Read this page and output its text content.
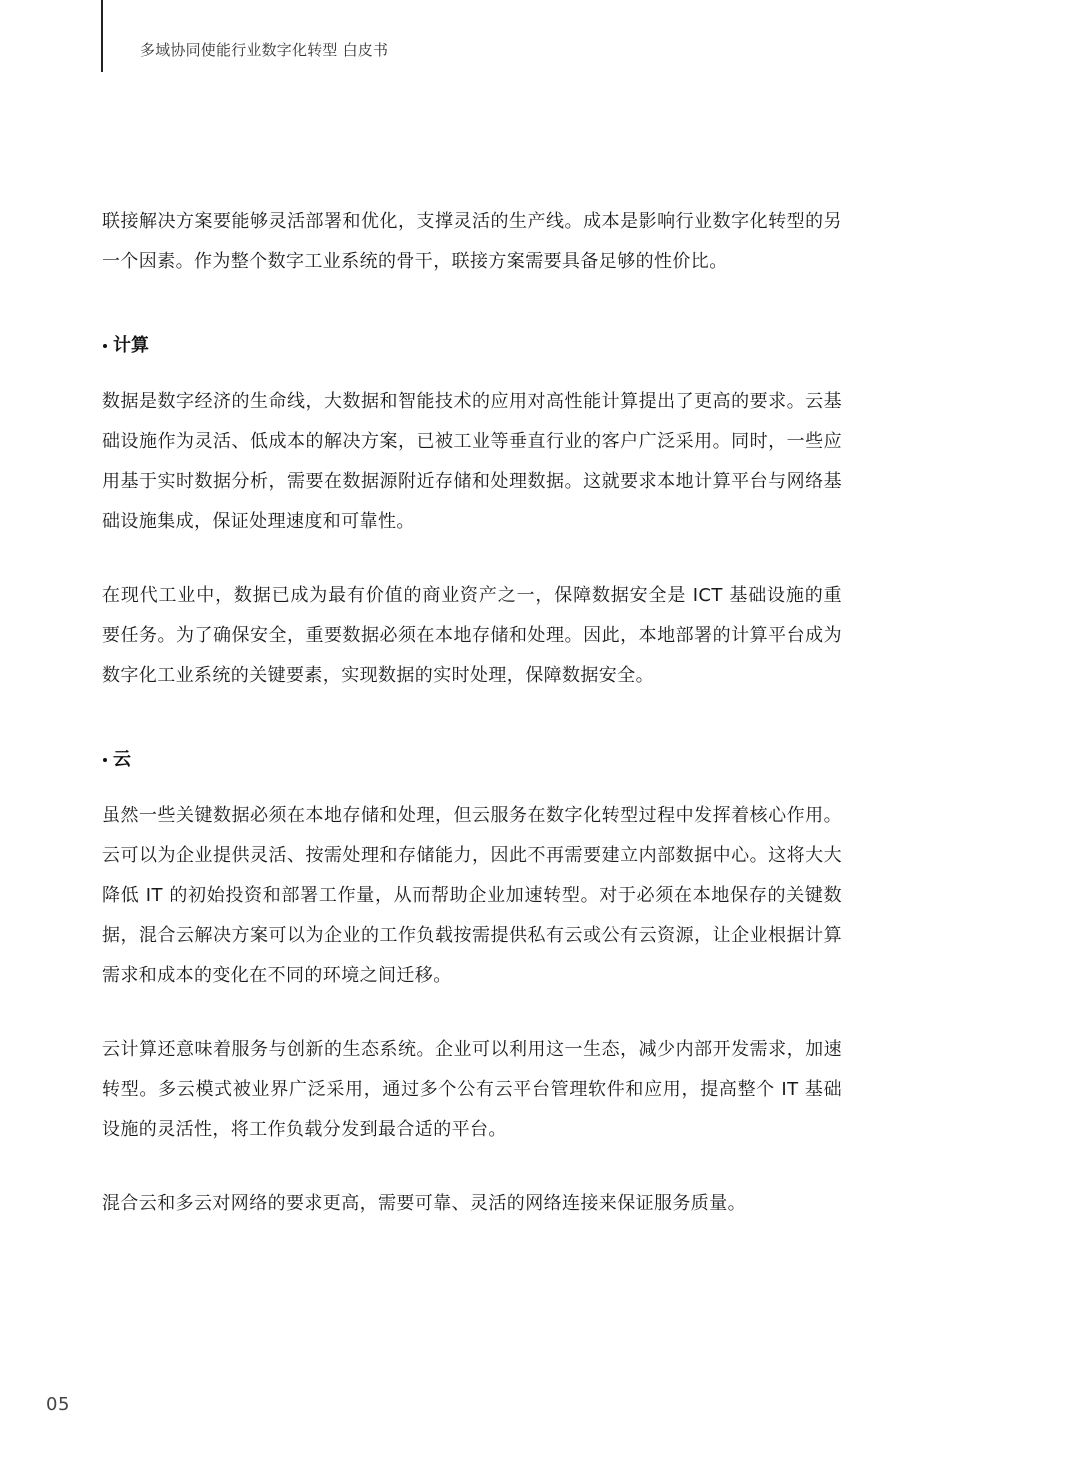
多域协同使能行业数字化转型 白皮书

联接解决方案要能够灵活部署和优化，支撑灵活的生产线。成本是影响行业数字化转型的另一个因素。作为整个数字工业系统的骨干，联接方案需要具备足够的性价比。

计算

数据是数字经济的生命线，大数据和智能技术的应用对高性能计算提出了更高的要求。云基础设施作为灵活、低成本的解决方案，已被工业等垂直行业的客户广泛采用。同时，一些应用基于实时数据分析，需要在数据源附近存储和处理数据。这就要求本地计算平台与网络基础设施集成，保证处理速度和可靠性。

在现代工业中，数据已成为最有价值的商业资产之一，保障数据安全是 ICT 基础设施的重要任务。为了确保安全，重要数据必须在本地存储和处理。因此，本地部署的计算平台成为数字化工业系统的关键要素，实现数据的实时处理，保障数据安全。

云

虽然一些关键数据必须在本地存储和处理，但云服务在数字化转型过程中发挥着核心作用。云可以为企业提供灵活、按需处理和存储能力，因此不再需要建立内部数据中心。这将大大降低 IT 的初始投资和部署工作量，从而帮助企业加速转型。对于必须在本地保存的关键数据，混合云解决方案可以为企业的工作负载按需提供私有云或公有云资源，让企业根据计算需求和成本的变化在不同的环境之间迁移。

云计算还意味着服务与创新的生态系统。企业可以利用这一生态，减少内部开发需求，加速转型。多云模式被业界广泛采用，通过多个公有云平台管理软件和应用，提高整个 IT 基础设施的灵活性，将工作负载分发到最合适的平台。

混合云和多云对网络的要求更高，需要可靠、灵活的网络连接来保证服务质量。

05
